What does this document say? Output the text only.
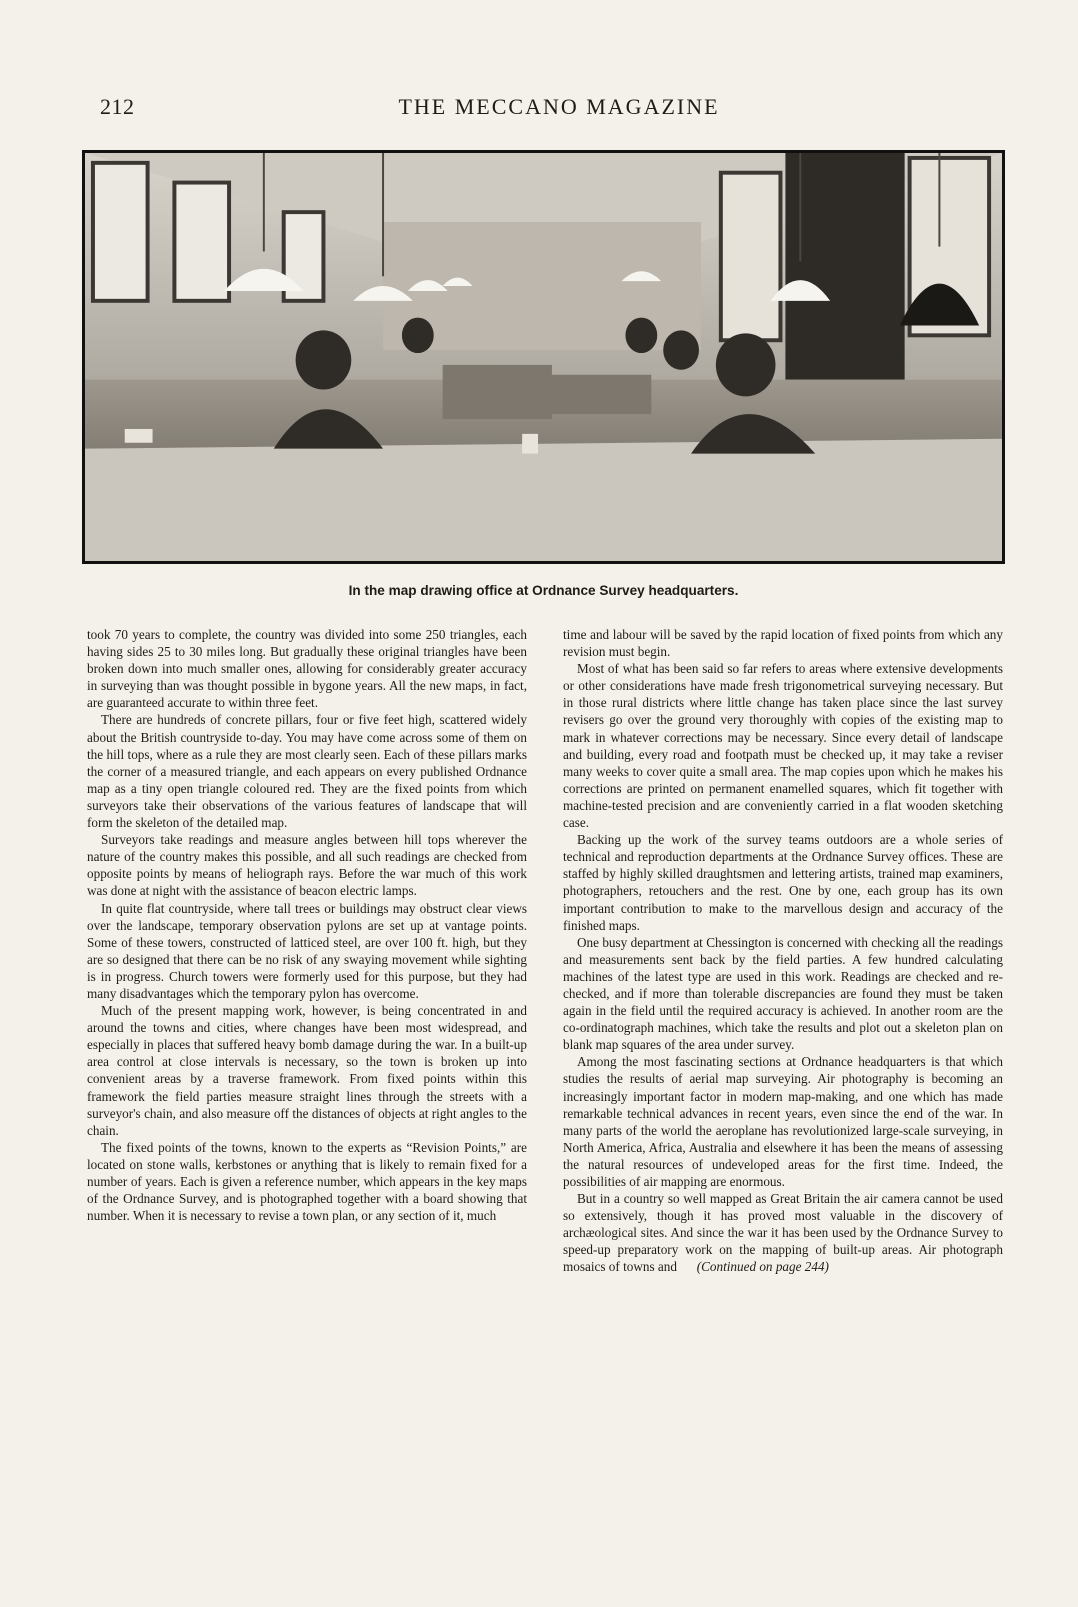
212	THE MECCANO MAGAZINE
In the map drawing office at Ordnance Survey headquarters.

took 70 years to complete, the country was divided into some 250 triangles, each having sides 25 to 30 miles long. But gradually these original triangles have been broken down into much smaller ones, allowing for considerably greater accuracy in surveying than was thought possible in bygone years. All the new maps, in fact, are guaranteed accurate to within three feet.

There are hundreds of concrete pillars, four or five feet high, scattered widely about the British countryside to-day. You may have come across some of them on the hill tops, where as a rule they are most clearly seen. Each of these pillars marks the corner of a measured triangle, and each appears on every published Ordnance map as a tiny open triangle coloured red. They are the fixed points from which surveyors take their observations of the various features of landscape that will form the skeleton of the detailed map.

Surveyors take readings and measure angles between hill tops wherever the nature of the country makes this possible, and all such readings are checked from opposite points by means of heliograph rays. Before the war much of this work was done at night with the assistance of beacon electric lamps.

In quite flat countryside, where tall trees or buildings may obstruct clear views over the landscape, temporary observation pylons are set up at vantage points. Some of these towers, constructed of latticed steel, are over 100 ft. high, but they are so designed that there can be no risk of any swaying movement while sighting is in progress. Church towers were formerly used for this purpose, but they had many disadvantages which the temporary pylon has overcome.

Much of the present mapping work, however, is being concentrated in and around the towns and cities, where changes have been most widespread, and especially in places that suffered heavy bomb damage during the war. In a built-up area control at close intervals is necessary, so the town is broken up into convenient areas by a traverse framework. From fixed points within this framework the field parties measure straight lines through the streets with a surveyor's chain, and also measure off the distances of objects at right angles to the chain.

The fixed points of the towns, known to the experts as “Revision Points,” are located on stone walls, kerbstones or anything that is likely to remain fixed for a number of years. Each is given a reference number, which appears in the key maps of the Ordnance Survey, and is photographed together with a board showing that number. When it is necessary to revise a town plan, or any section of it, much

time and labour will be saved by the rapid location of fixed points from which any revision must begin.

Most of what has been said so far refers to areas where extensive developments or other considerations have made fresh trigonometrical surveying necessary. But in those rural districts where little change has taken place since the last survey revisers go over the ground very thoroughly with copies of the existing map to mark in whatever corrections may be necessary. Since every detail of landscape and building, every road and footpath must be checked up, it may take a reviser many weeks to cover quite a small area. The map copies upon which he makes his corrections are printed on permanent enamelled squares, which fit together with machine-tested precision and are conveniently carried in a flat wooden sketching case.

Backing up the work of the survey teams outdoors are a whole series of technical and reproduction departments at the Ordnance Survey offices. These are staffed by highly skilled draughtsmen and lettering artists, trained map examiners, photographers, retouchers and the rest. One by one, each group has its own important contribution to make to the marvellous design and accuracy of the finished maps.

One busy department at Chessington is concerned with checking all the readings and measurements sent back by the field parties. A few hundred calculating machines of the latest type are used in this work. Readings are checked and re-checked, and if more than tolerable discrepancies are found they must be taken again in the field until the required accuracy is achieved. In another room are the co-ordinatograph machines, which take the results and plot out a skeleton plan on blank map squares of the area under survey.

Among the most fascinating sections at Ordnance headquarters is that which studies the results of aerial map surveying. Air photography is becoming an increasingly important factor in modern map-making, and one which has made remarkable technical advances in recent years, even since the end of the war. In many parts of the world the aeroplane has revolutionized large-scale surveying, in North America, Africa, Australia and elsewhere it has been the means of assessing the natural resources of undeveloped areas for the first time. Indeed, the possibilities of air mapping are enormous.

But in a country so well mapped as Great Britain the air camera cannot be used so extensively, though it has proved most valuable in the discovery of archæological sites. And since the war it has been used by the Ordnance Survey to speed-up preparatory work on the mapping of built-up areas. Air photograph mosaics of towns and (Continued on page 244)
